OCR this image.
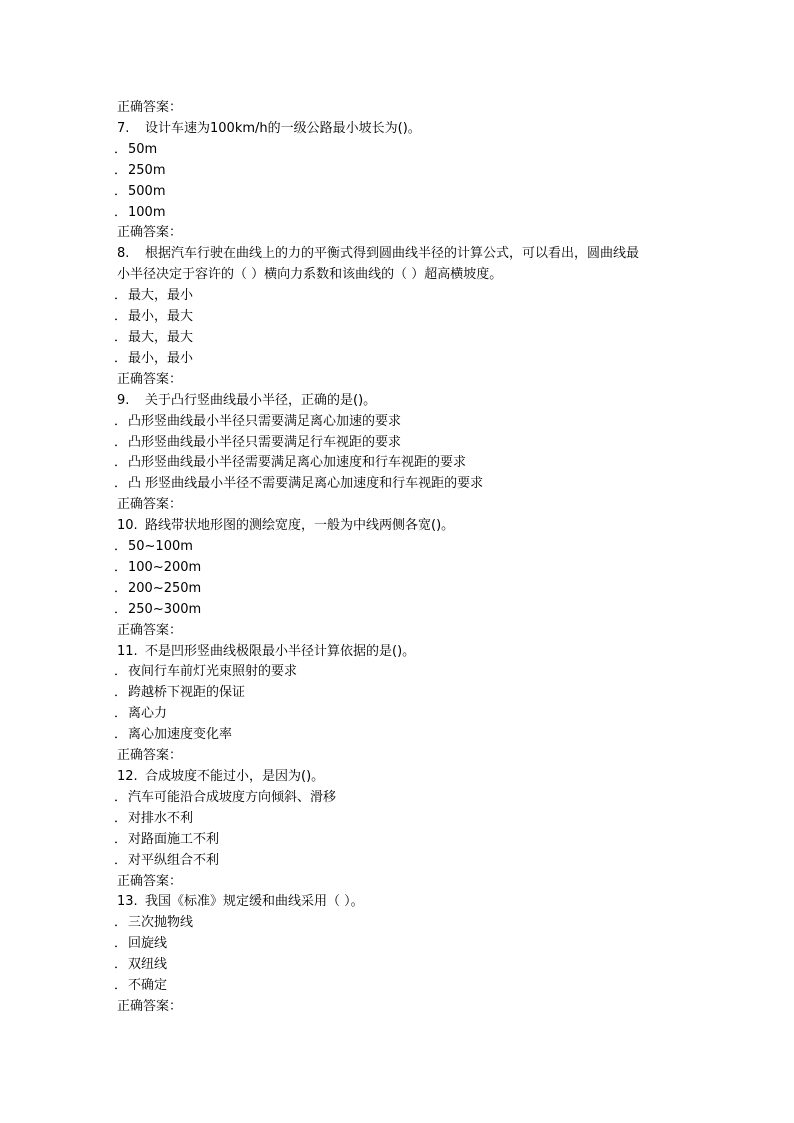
正确答案：

7. 设计车速为100km/h的一级公路最小坡长为()。

． 50m

． 250m

． 500m

． 100m

正确答案：

8. 根据汽车行驶在曲线上的力的平衡式得到圆曲线半径的计算公式，可以看出，圆曲线最

小半径决定于容许的（ ）横向力系数和该曲线的（ ）超高横坡度。

． 最大，最小

． 最小，最大

． 最大，最大

． 最小，最小

正确答案：

9. 关于凸行竖曲线最小半径，正确的是()。

． 凸形竖曲线最小半径只需要满足离心加速的要求

． 凸形竖曲线最小半径只需要满足行车视距的要求

． 凸形竖曲线最小半径需要满足离心加速度和行车视距的要求

． 凸 形竖曲线最小半径不需要满足离心加速度和行车视距的要求

正确答案：

10. 路线带状地形图的测绘宽度，一般为中线两侧各宽()。

． 50~100m

． 100~200m

． 200~250m

． 250~300m

正确答案：

11. 不是凹形竖曲线极限最小半径计算依据的是()。

． 夜间行车前灯光束照射的要求

． 跨越桥下视距的保证

． 离心力

． 离心加速度变化率

正确答案：

12. 合成坡度不能过小，是因为()。

． 汽车可能沿合成坡度方向倾斜、滑移

． 对排水不利

． 对路面施工不利

． 对平纵组合不利

正确答案：

13. 我国《标准》规定缓和曲线采用（ ）。

． 三次抛物线

． 回旋线

． 双纽线

． 不确定

正确答案：
